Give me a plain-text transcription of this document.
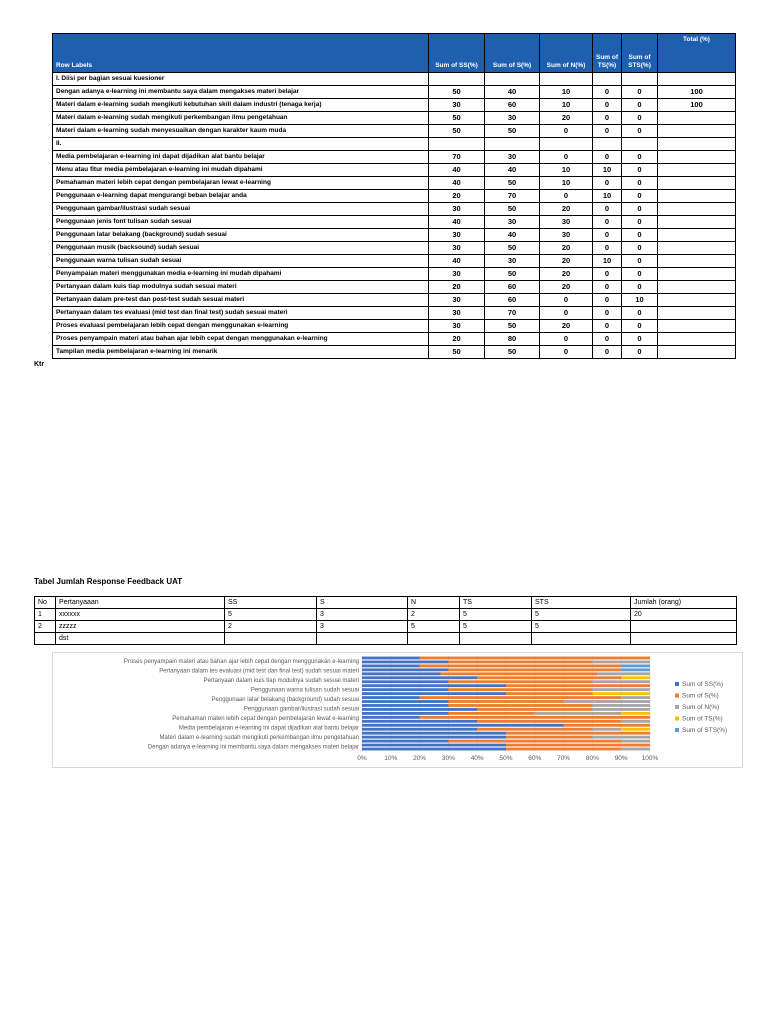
Row Labels	Sum of SS(%)	Sum of S(%)	Sum of N(%)	Sum of TS(%)	Sum of STS(%)	Total (%)
I. Diisi per bagian sesuai kuesioner						
Dengan adanya e-learning ini membantu saya dalam mengakses materi belajar	50	40	10	0	0	100
Materi dalam e-learning sudah mengikuti kebutuhan skill dalam industri (tenaga kerja)	30	60	10	0	0	100
Materi dalam e-learning sudah mengikuti perkembangan ilmu pengetahuan	50	30	20	0	0	
Materi dalam e-learning sudah menyesuaikan dengan karakter kaum muda	50	50	0	0	0	
II.						
Media pembelajaran e-learning ini dapat dijadikan alat bantu belajar	70	30	0	0	0	
Menu atau fitur media pembelajaran e-learning ini mudah dipahami	40	40	10	10	0	
Pemahaman materi lebih cepat dengan pembelajaran lewat e-learning	40	50	10	0	0	
Penggunaan e-learning dapat mengurangi beban belajar anda	20	70	0	10	0	
Penggunaan gambar/ilustrasi sudah sesuai	30	50	20	0	0	
Penggunaan jenis font tulisan sudah sesuai	40	30	30	0	0	
Penggunaan latar belakang (background) sudah sesuai	30	40	30	0	0	
Penggunaan musik (backsound) sudah sesuai	30	50	20	0	0	
Penggunaan warna tulisan sudah sesuai	40	30	20	10	0	
Penyampaian materi menggunakan media e-learning ini mudah dipahami	30	50	20	0	0	
Pertanyaan dalam kuis tiap modulnya sudah sesuai materi	20	60	20	0	0	
Pertanyaan dalam pre-test dan post-test sudah sesuai materi	30	60	0	0	10	
Pertanyaan dalam tes evaluasi (mid test dan final test) sudah sesuai materi	30	70	0	0	0	
Proses evaluasi pembelajaran lebih cepat dengan menggunakan e-learning	30	50	20	0	0	
Proses penyampain materi atau bahan ajar lebih cepat dengan menggunakan e-learning	20	80	0	0	0	
Tampilan media pembelajaran e-learning ini menarik	50	50	0	0	0	
Ktr
Tabel Jumlah Response Feedback UAT
No	Pertanyaaan	SS	S	N	TS	STS	Jumlah (orang)
1	xxxxxx	5	3	2	5	5	20
2	zzzzz	2	3	5	5	5	
	dst						
0%	10% 20% 30% 40% 50% 60% 70% 80% 90% 100%
Proses penyampain materi atau bahan ajar lebih cepat dengan menggunakan e-learning
Pertanyaan dalam tes evaluasi (mid test dan final test) sudah sesuai materi
Pertanyaan dalam kuis tiap modulnya sudah sesuai materi
Penggunaan warna tulisan sudah sesuai
Penggunaan latar belakang (background) sudah sesuai
Penggunaan gambar/ilustrasi sudah sesuai
Pemahaman materi lebih cepat dengan pembelajaran lewat e-learning
Media pembelajaran e-learning ini dapat dijadikan alat bantu belajar
Materi dalam e-learning sudah mengikuti perkembangan ilmu pengetahuan
Dengan adanya e-learning ini membantu saya dalam mengakses materi belajar
Sum of SS(%)
Sum of S(%)
Sum of N(%)
Sum of TS(%)
Sum of STS(%)
